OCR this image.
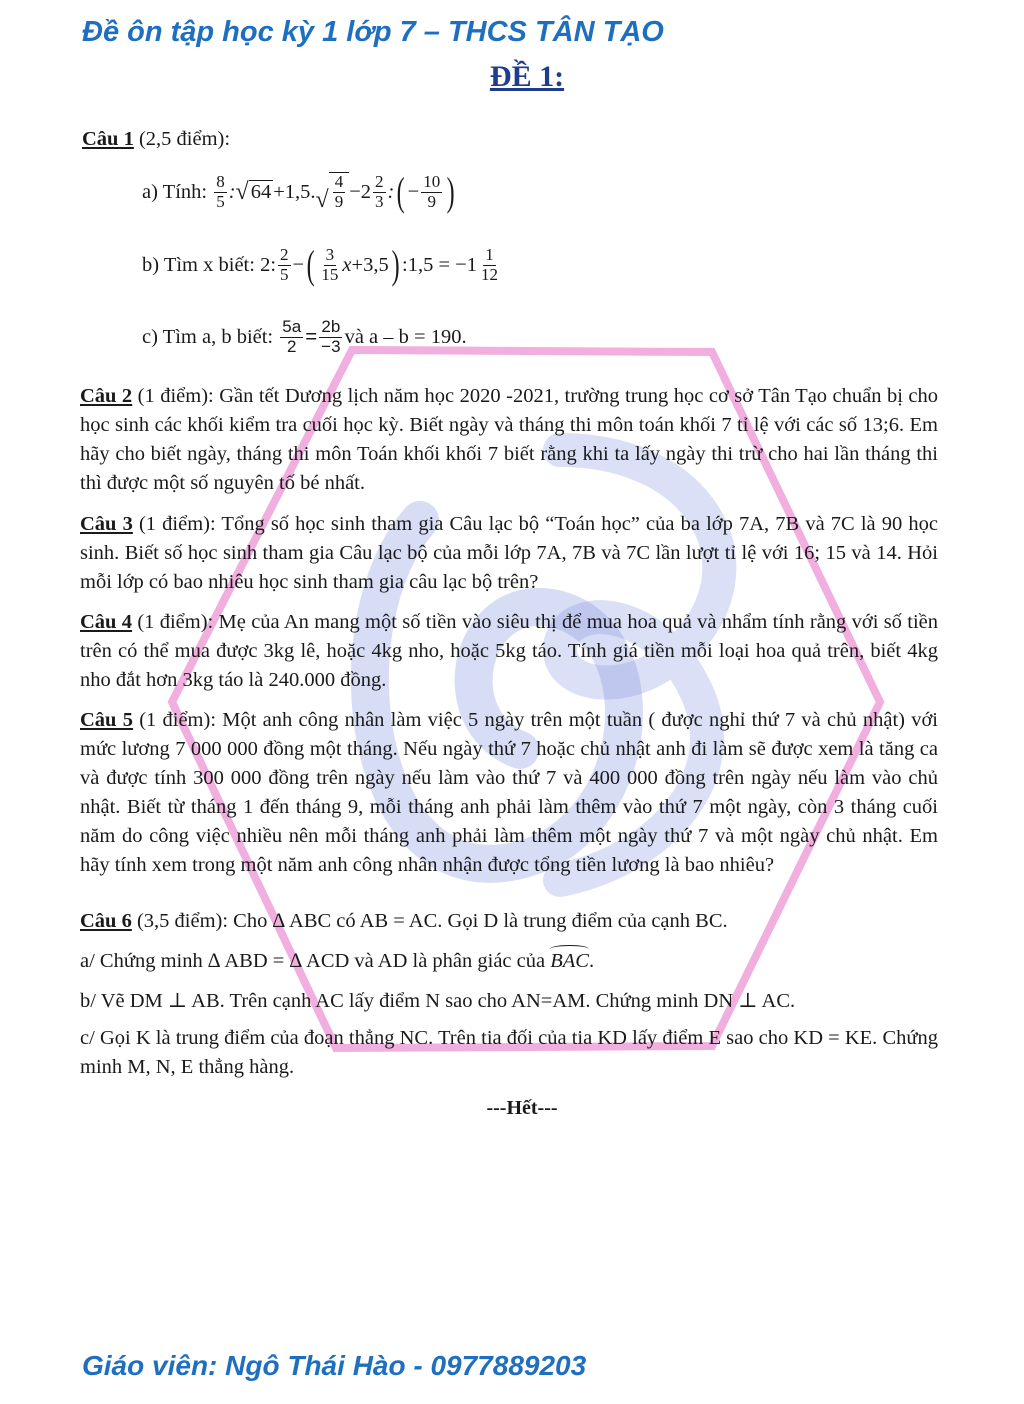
Đề ôn tập học kỳ 1 lớp 7 – THCS TÂN TẠO
ĐỀ 1:
Câu 1 (2,5 điểm):
a) Tính:
$\frac{8}{5}$ : √ 64 +1,5. √ $\frac{4}{9} -2 \frac{2}{3}$ : ( − $\frac{10}{9}$ )
b) Tìm x biết:
2: $\frac{2}{5}$ − ( $\frac{3}{15}$ x +3,5 ) :1,5 = $-1 \frac{1}{12}$
c) Tìm a, b biết:
$\frac{5a}{2} = \frac{2b}{-3}$ và a – b = 190.

Câu 2 (1 điểm): Gần tết Dương lịch năm học 2020 -2021, trường trung học cơ sở Tân Tạo chuẩn bị cho học sinh các khối kiểm tra cuối học kỳ. Biết ngày và tháng thi môn toán khối 7 tỉ lệ với các số 13;6. Em hãy cho biết ngày, tháng thi môn Toán khối khối 7 biết rằng khi ta lấy ngày thi trừ cho hai lần tháng thi thì được một số nguyên tố bé nhất.

Câu 3 (1 điểm): Tổng số học sinh tham gia Câu lạc bộ “Toán học” của ba lớp 7A, 7B và 7C là 90 học sinh. Biết số học sinh tham gia Câu lạc bộ của mỗi lớp 7A, 7B và 7C lần lượt tỉ lệ với 16; 15 và 14. Hỏi mỗi lớp có bao nhiêu học sinh tham gia câu lạc bộ trên?

Câu 4 (1 điểm): Mẹ của An mang một số tiền vào siêu thị để mua hoa quả và nhẩm tính rằng với số tiền trên có thể mua được 3kg lê, hoặc 4kg nho, hoặc 5kg táo. Tính giá tiền mỗi loại hoa quả trên, biết 4kg nho đắt hơn 3kg táo là 240.000 đồng.

Câu 5 (1 điểm): Một anh công nhân làm việc 5 ngày trên một tuần ( được nghỉ thứ 7 và chủ nhật) với mức lương 7 000 000 đồng một tháng. Nếu ngày thứ 7 hoặc chủ nhật anh đi làm sẽ được xem là tăng ca và được tính 300 000 đồng trên ngày nếu làm vào thứ 7 và 400 000 đồng trên ngày nếu làm vào chủ nhật. Biết từ tháng 1 đến tháng 9, mỗi tháng anh phải làm thêm vào thứ 7 một ngày, còn 3 tháng cuối năm do công việc nhiều nên mỗi tháng anh phải làm thêm một ngày thứ 7 và một ngày chủ nhật. Em hãy tính xem trong một năm anh công nhân nhận được tổng tiền lương là bao nhiêu?

Câu 6 (3,5 điểm): Cho ∆ ABC có AB = AC. Gọi D là trung điểm của cạnh BC.
a/ Chứng minh ∆ ABD = ∆ ACD và AD là phân giác của BAC.
b/ Vẽ DM ⊥ AB. Trên cạnh AC lấy điểm N sao cho AN=AM. Chứng minh DN ⊥ AC.

c/ Gọi K là trung điểm của đoạn thẳng NC. Trên tia đối của tia KD lấy điểm E sao cho KD = KE. Chứng minh M, N, E thẳng hàng.

---Hết---
Giáo viên: Ngô Thái Hào - 0977889203
